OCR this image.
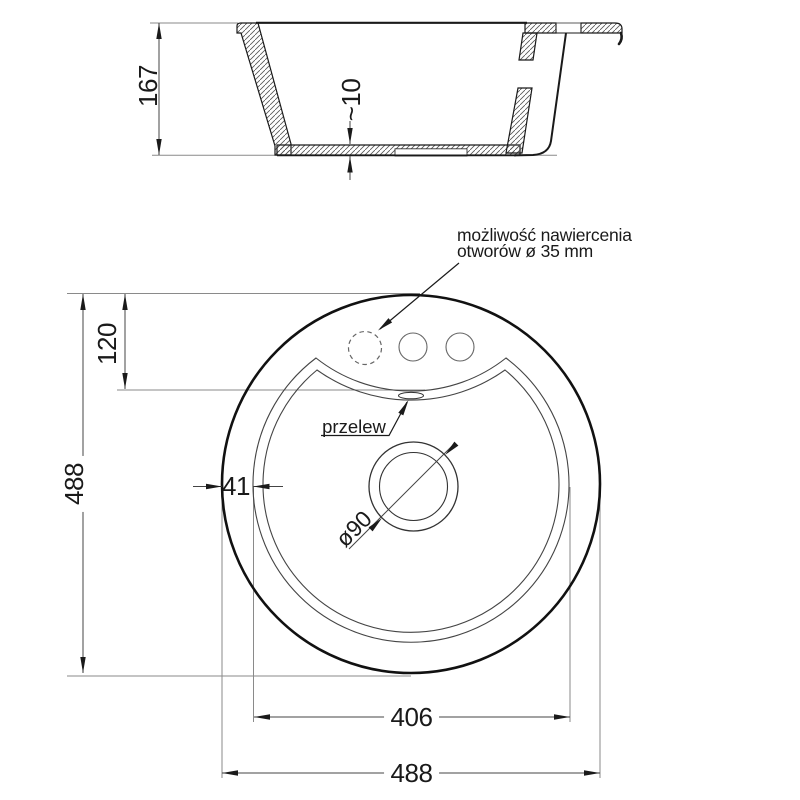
167	~10
możliwość nawiercenia
otworów ø 35 mm
przelew
120
488	41
ø90
406
488
